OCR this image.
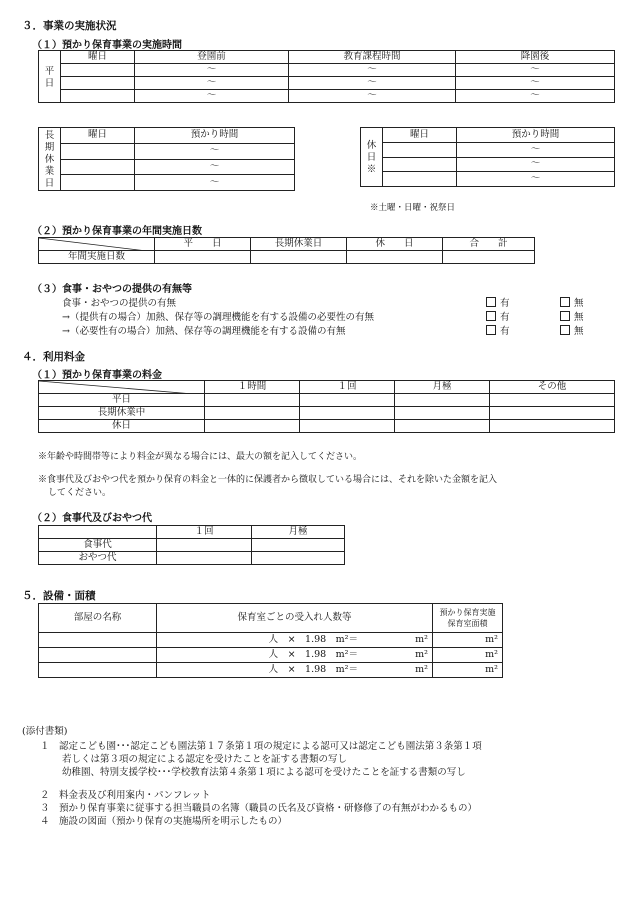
３．事業の実施状況
（１）預かり保育事業の実施時間
平日	曜日	登園前	教育課程時間	降園後
		〜	〜	〜
		〜	〜	〜
		〜	〜	〜
長期休業日	曜日	預かり時間
		〜
		〜
		〜
休日※	曜日	預かり時間
		〜
		〜
		〜
※土曜・日曜・祝祭日
（２）預かり保育事業の年間実施日数
	平　　日	長期休業日	休　　日	合　　計
年間実施日数				
（３）食事・おやつの提供の有無等
食事・おやつの提供の有無	有	無
→（提供有の場合）加熱、保存等の調理機能を有する設備の必要性の有無	有	無
→（必要性有の場合）加熱、保存等の調理機能を有する設備の有無	有	無
４．利用料金
（１）預かり保育事業の料金
	１時間	１回	月極	その他
平日				
長期休業中				
休日				
※年齢や時間帯等により料金が異なる場合には、最大の額を記入してください。
※食事代及びおやつ代を預かり保育の料金と一体的に保護者から徴収している場合には、それを除いた金額を記入
してください。
（２）食事代及びおやつ代
	１回	月極
食事代		
おやつ代		
５．設備・面積
部屋の名称	保育室ごとの受入れ人数等	預かり保育実施
保育室面積
	人　×　1.98　m²＝ m²	m²
	人　×　1.98　m²＝ m²	m²
	人　×　1.98　m²＝ m²	m²
(添付書類)
１　認定こども園･･･認定こども園法第１７条第１項の規定による認可又は認定こども園法第３条第１項
若しくは第３項の規定による認定を受けたことを証する書類の写し
幼稚園、特別支援学校･･･学校教育法第４条第１項による認可を受けたことを証する書類の写し
２　料金表及び利用案内・パンフレット
３　預かり保育事業に従事する担当職員の名簿（職員の氏名及び資格・研修修了の有無がわかるもの）
４　施設の図面（預かり保育の実施場所を明示したもの）
